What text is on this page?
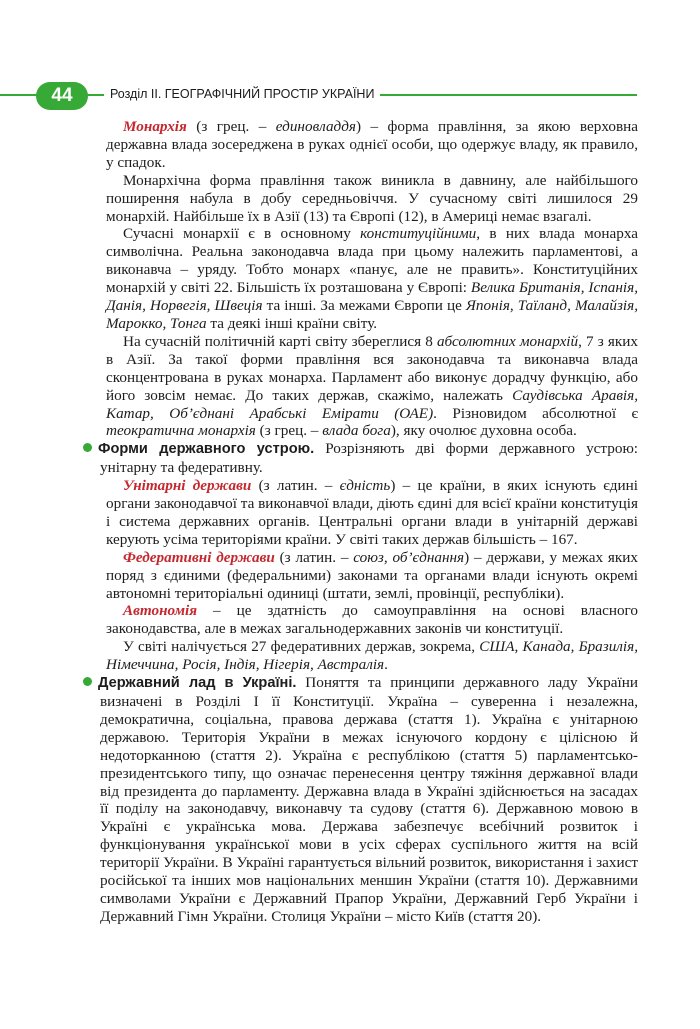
44	Розділ ІІ. ГЕОГРАФІЧНИЙ ПРОСТІР УКРАЇНИ

Монархія (з грец. – единовладдя) – форма правління, за якою верховна державна влада зосереджена в руках однієї особи, що одержує владу, як правило, у спадок.

Монархічна форма правління також виникла в давнину, але найбільшого поширення набула в добу середньовіччя. У сучасному світі лишилося 29 монархій. Найбільше їх в Азії (13) та Європі (12), в Америці немає взагалі.

Сучасні монархії є в основному конституційними, в них влада монарха символічна. Реальна законодавча влада при цьому належить парламентові, а виконавча – уряду. Тобто монарх «панує, але не править». Конституційних монархій у світі 22. Більшість їх розташована у Європі: Велика Британія, Іспанія, Данія, Норвегія, Швеція та інші. За межами Європи це Японія, Таїланд, Малайзія, Марокко, Тонга та деякі інші країни світу.

На сучасній політичній карті світу збереглися 8 абсолютних монархій, 7 з яких в Азії. За такої форми правління вся законодавча та виконавча влада сконцентрована в руках монарха. Парламент або виконує дорадчу функцію, або його зовсім немає. До таких держав, скажімо, належать Саудівська Аравія, Катар, Об’єднані Арабські Емірати (ОАЕ). Різновидом абсолютної є теократична монархія (з грец. – влада бога), яку очолює духовна особа.

Форми державного устрою. Розрізняють дві форми державного устрою: унітарну та федеративну.

Унітарні держави (з латин. – єдність) – це країни, в яких існують єдині органи законодавчої та виконавчої влади, діють єдині для всієї країни конституція і система державних органів. Центральні органи влади в унітарній державі керують усіма територіями країни. У світі таких держав більшість – 167.

Федеративні держави (з латин. – союз, об’єднання) – держави, у межах яких поряд з єдиними (федеральними) законами та органами влади існують окремі автономні територіальні одиниці (штати, землі, провінції, республіки).

Автономія – це здатність до самоуправління на основі власного законодавства, але в межах загальнодержавних законів чи конституції.

У світі налічується 27 федеративних держав, зокрема, США, Канада, Бразилія, Німеччина, Росія, Індія, Нігерія, Австралія.

Державний лад в Україні. Поняття та принципи державного ладу України визначені в Розділі І її Конституції. Україна – суверенна і незалежна, демократична, соціальна, правова держава (стаття 1). Україна є унітарною державою. Територія України в межах існуючого кордону є цілісною й недоторканною (стаття 2). Україна є республікою (стаття 5) парламентсько-президентського типу, що означає перенесення центру тяжіння державної влади від президента до парламенту. Державна влада в Україні здійснюється на засадах її поділу на законодавчу, виконавчу та судову (стаття 6). Державною мовою в Україні є українська мова. Держава забезпечує всебічний розвиток і функціонування української мови в усіх сферах суспільного життя на всій території України. В Україні гарантується вільний розвиток, використання і захист російської та інших мов національних меншин України (стаття 10). Державними символами України є Державний Прапор України, Державний Герб України і Державний Гімн України. Столиця України – місто Київ (стаття 20).
